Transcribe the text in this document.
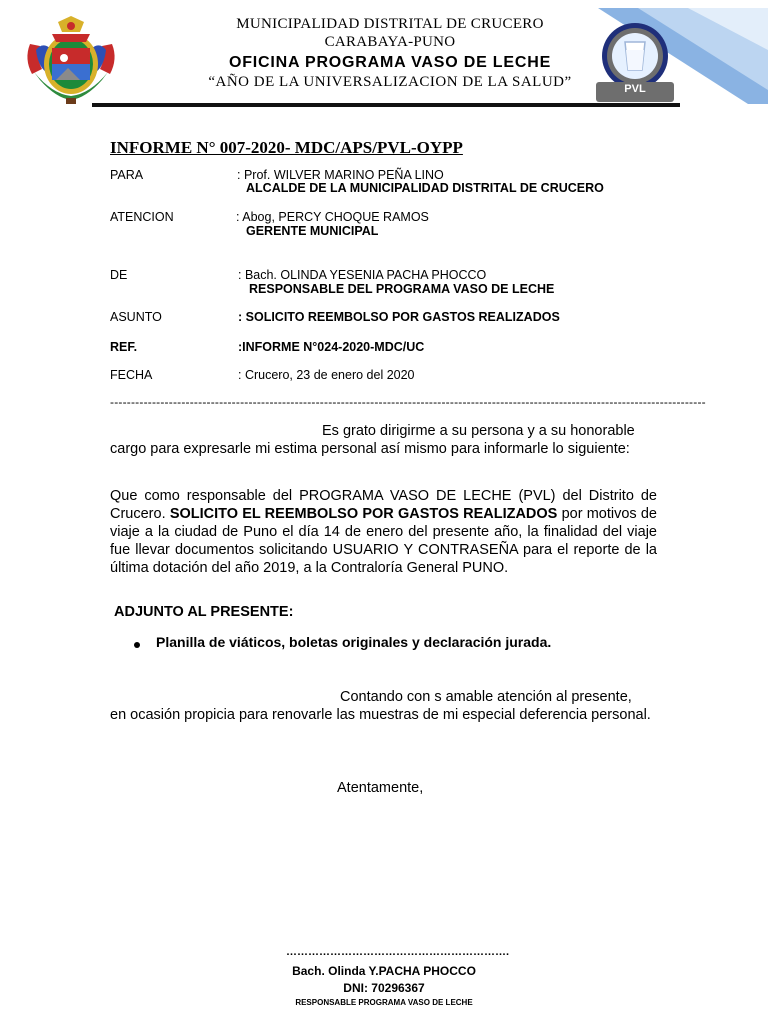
MUNICIPALIDAD DISTRITAL DE CRUCERO
CARABAYA-PUNO
OFICINA PROGRAMA VASO DE LECHE
“AÑO DE LA UNIVERSALIZACION DE LA SALUD”	PVL
INFORME N° 007-2020- MDC/APS/PVL-OYPP
PARA	: Prof. WILVER MARINO PEÑA LINO
ALCALDE DE LA MUNICIPALIDAD DISTRITAL DE CRUCERO
ATENCION	: Abog, PERCY CHOQUE RAMOS
GERENTE MUNICIPAL
DE	: Bach. OLINDA YESENIA PACHA PHOCCO
RESPONSABLE DEL PROGRAMA VASO DE LECHE
ASUNTO	: SOLICITO REEMBOLSO POR GASTOS REALIZADOS
REF.	:INFORME N°024-2020-MDC/UC
FECHA	: Crucero, 23 de enero del 2020
----------------------------------------------------------------------------------------------------------------------------------------------
Es grato dirigirme a su persona y a su honorable
cargo para expresarle mi estima personal así mismo para informarle lo siguiente:
Que como responsable del PROGRAMA VASO DE LECHE (PVL) del Distrito de Crucero. SOLICITO EL REEMBOLSO POR GASTOS REALIZADOS por motivos de viaje a la ciudad de Puno el día 14 de enero del presente año, la finalidad del viaje fue llevar documentos solicitando USUARIO Y CONTRASEÑA para el reporte de la última dotación del año 2019, a la Contraloría General PUNO.
ADJUNTO AL PRESENTE:
Planilla de viáticos, boletas originales y declaración jurada.
Contando con s amable atención al presente,
en ocasión propicia para renovarle las muestras de mi especial deferencia personal.
Atentamente,
…………………………………………………….
Bach. Olinda Y.PACHA PHOCCO
DNI: 70296367
RESPONSABLE PROGRAMA VASO DE LECHE
